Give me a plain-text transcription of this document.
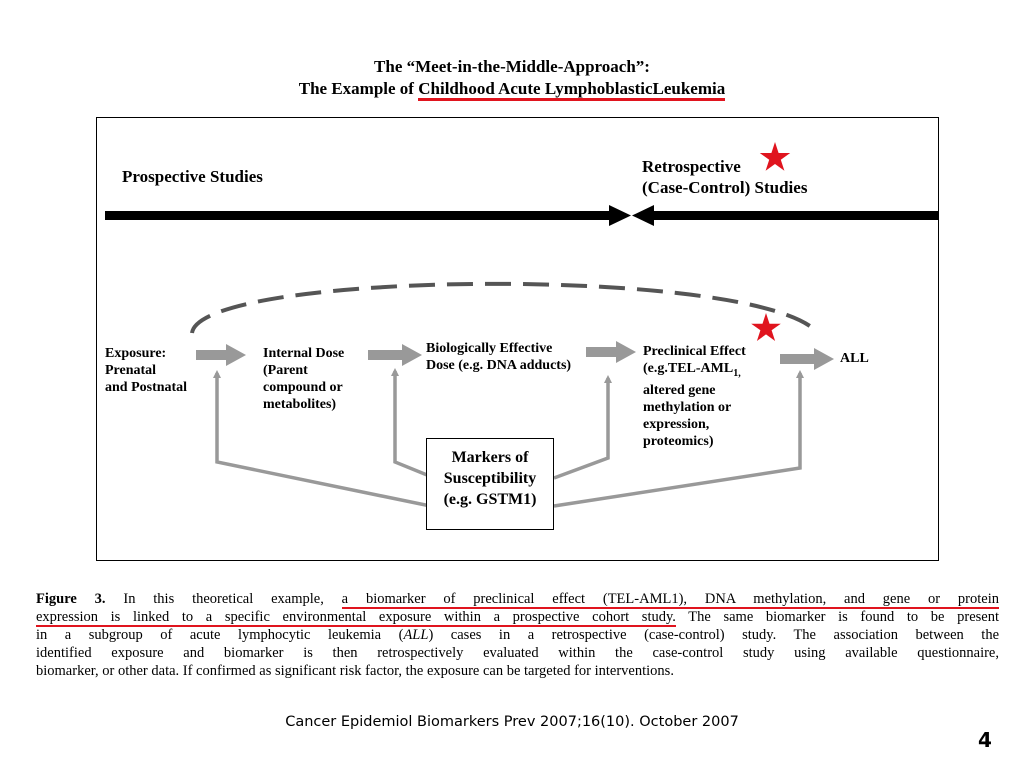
The “Meet-in-the-Middle-Approach”:
The Example of Childhood Acute LymphoblasticLeukemia
Prospective Studies
Retrospective
(Case-Control) Studies
Exposure:
Prenatal
and Postnatal
Internal Dose
(Parent
compound or
metabolites)
Biologically Effective
Dose (e.g. DNA adducts)
Preclinical Effect
($e.g.TEL-AML_{1,}$
altered gene
methylation or
expression,
proteomics)
ALL
Markers of
Susceptibility
(e.g. GSTM1)
Figure 3. In this theoretical example, a biomarker of preclinical effect (TEL-AML1), DNA methylation, and gene or protein
expression is linked to a specific environmental exposure within a prospective cohort study. The same biomarker is found to be present
in a subgroup of acute lymphocytic leukemia (ALL) cases in a retrospective (case-control) study. The association between the
identified exposure and biomarker is then retrospectively evaluated within the case-control study using available questionnaire,
biomarker, or other data. If confirmed as significant risk factor, the exposure can be targeted for interventions.
Cancer Epidemiol Biomarkers Prev 2007;16(10). October 2007
4
